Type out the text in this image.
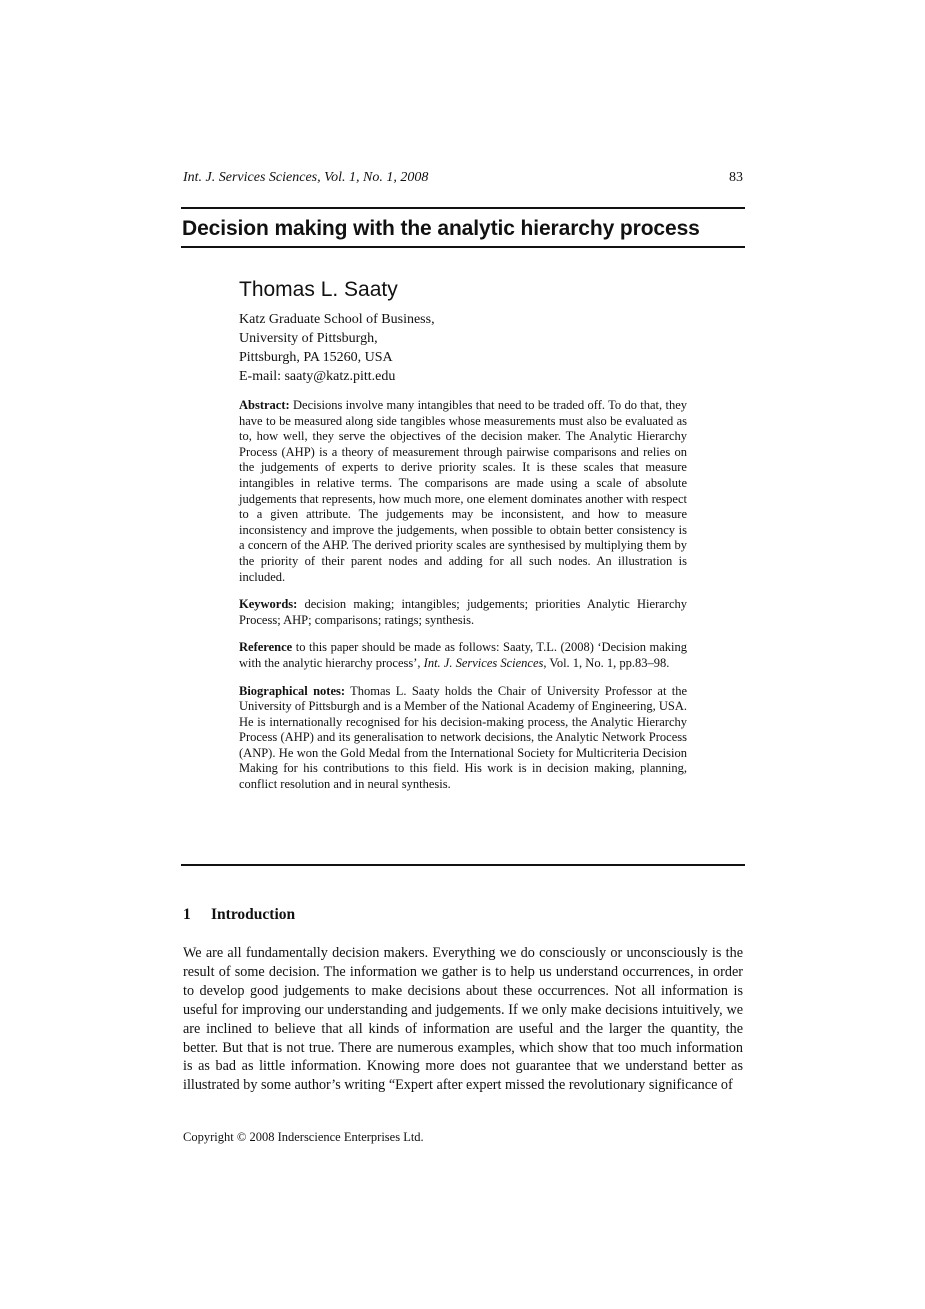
Int. J. Services Sciences, Vol. 1, No. 1, 2008	83
Decision making with the analytic hierarchy process
Thomas L. Saaty
Katz Graduate School of Business,
University of Pittsburgh,
Pittsburgh, PA 15260, USA
E-mail: saaty@katz.pitt.edu

Abstract: Decisions involve many intangibles that need to be traded off. To do that, they have to be measured along side tangibles whose measurements must also be evaluated as to, how well, they serve the objectives of the decision maker. The Analytic Hierarchy Process (AHP) is a theory of measurement through pairwise comparisons and relies on the judgements of experts to derive priority scales. It is these scales that measure intangibles in relative terms. The comparisons are made using a scale of absolute judgements that represents, how much more, one element dominates another with respect to a given attribute. The judgements may be inconsistent, and how to measure inconsistency and improve the judgements, when possible to obtain better consistency is a concern of the AHP. The derived priority scales are synthesised by multiplying them by the priority of their parent nodes and adding for all such nodes. An illustration is included.

Keywords: decision making; intangibles; judgements; priorities Analytic Hierarchy Process; AHP; comparisons; ratings; synthesis.

Reference to this paper should be made as follows: Saaty, T.L. (2008) ‘Decision making with the analytic hierarchy process’, Int. J. Services Sciences, Vol. 1, No. 1, pp.83–98.

Biographical notes: Thomas L. Saaty holds the Chair of University Professor at the University of Pittsburgh and is a Member of the National Academy of Engineering, USA. He is internationally recognised for his decision-making process, the Analytic Hierarchy Process (AHP) and its generalisation to network decisions, the Analytic Network Process (ANP). He won the Gold Medal from the International Society for Multicriteria Decision Making for his contributions to this field. His work is in decision making, planning, conflict resolution and in neural synthesis.

1 Introduction

We are all fundamentally decision makers. Everything we do consciously or unconsciously is the result of some decision. The information we gather is to help us understand occurrences, in order to develop good judgements to make decisions about these occurrences. Not all information is useful for improving our understanding and judgements. If we only make decisions intuitively, we are inclined to believe that all kinds of information are useful and the larger the quantity, the better. But that is not true. There are numerous examples, which show that too much information is as bad as little information. Knowing more does not guarantee that we understand better as illustrated by some author’s writing “Expert after expert missed the revolutionary significance of

Copyright © 2008 Inderscience Enterprises Ltd.
